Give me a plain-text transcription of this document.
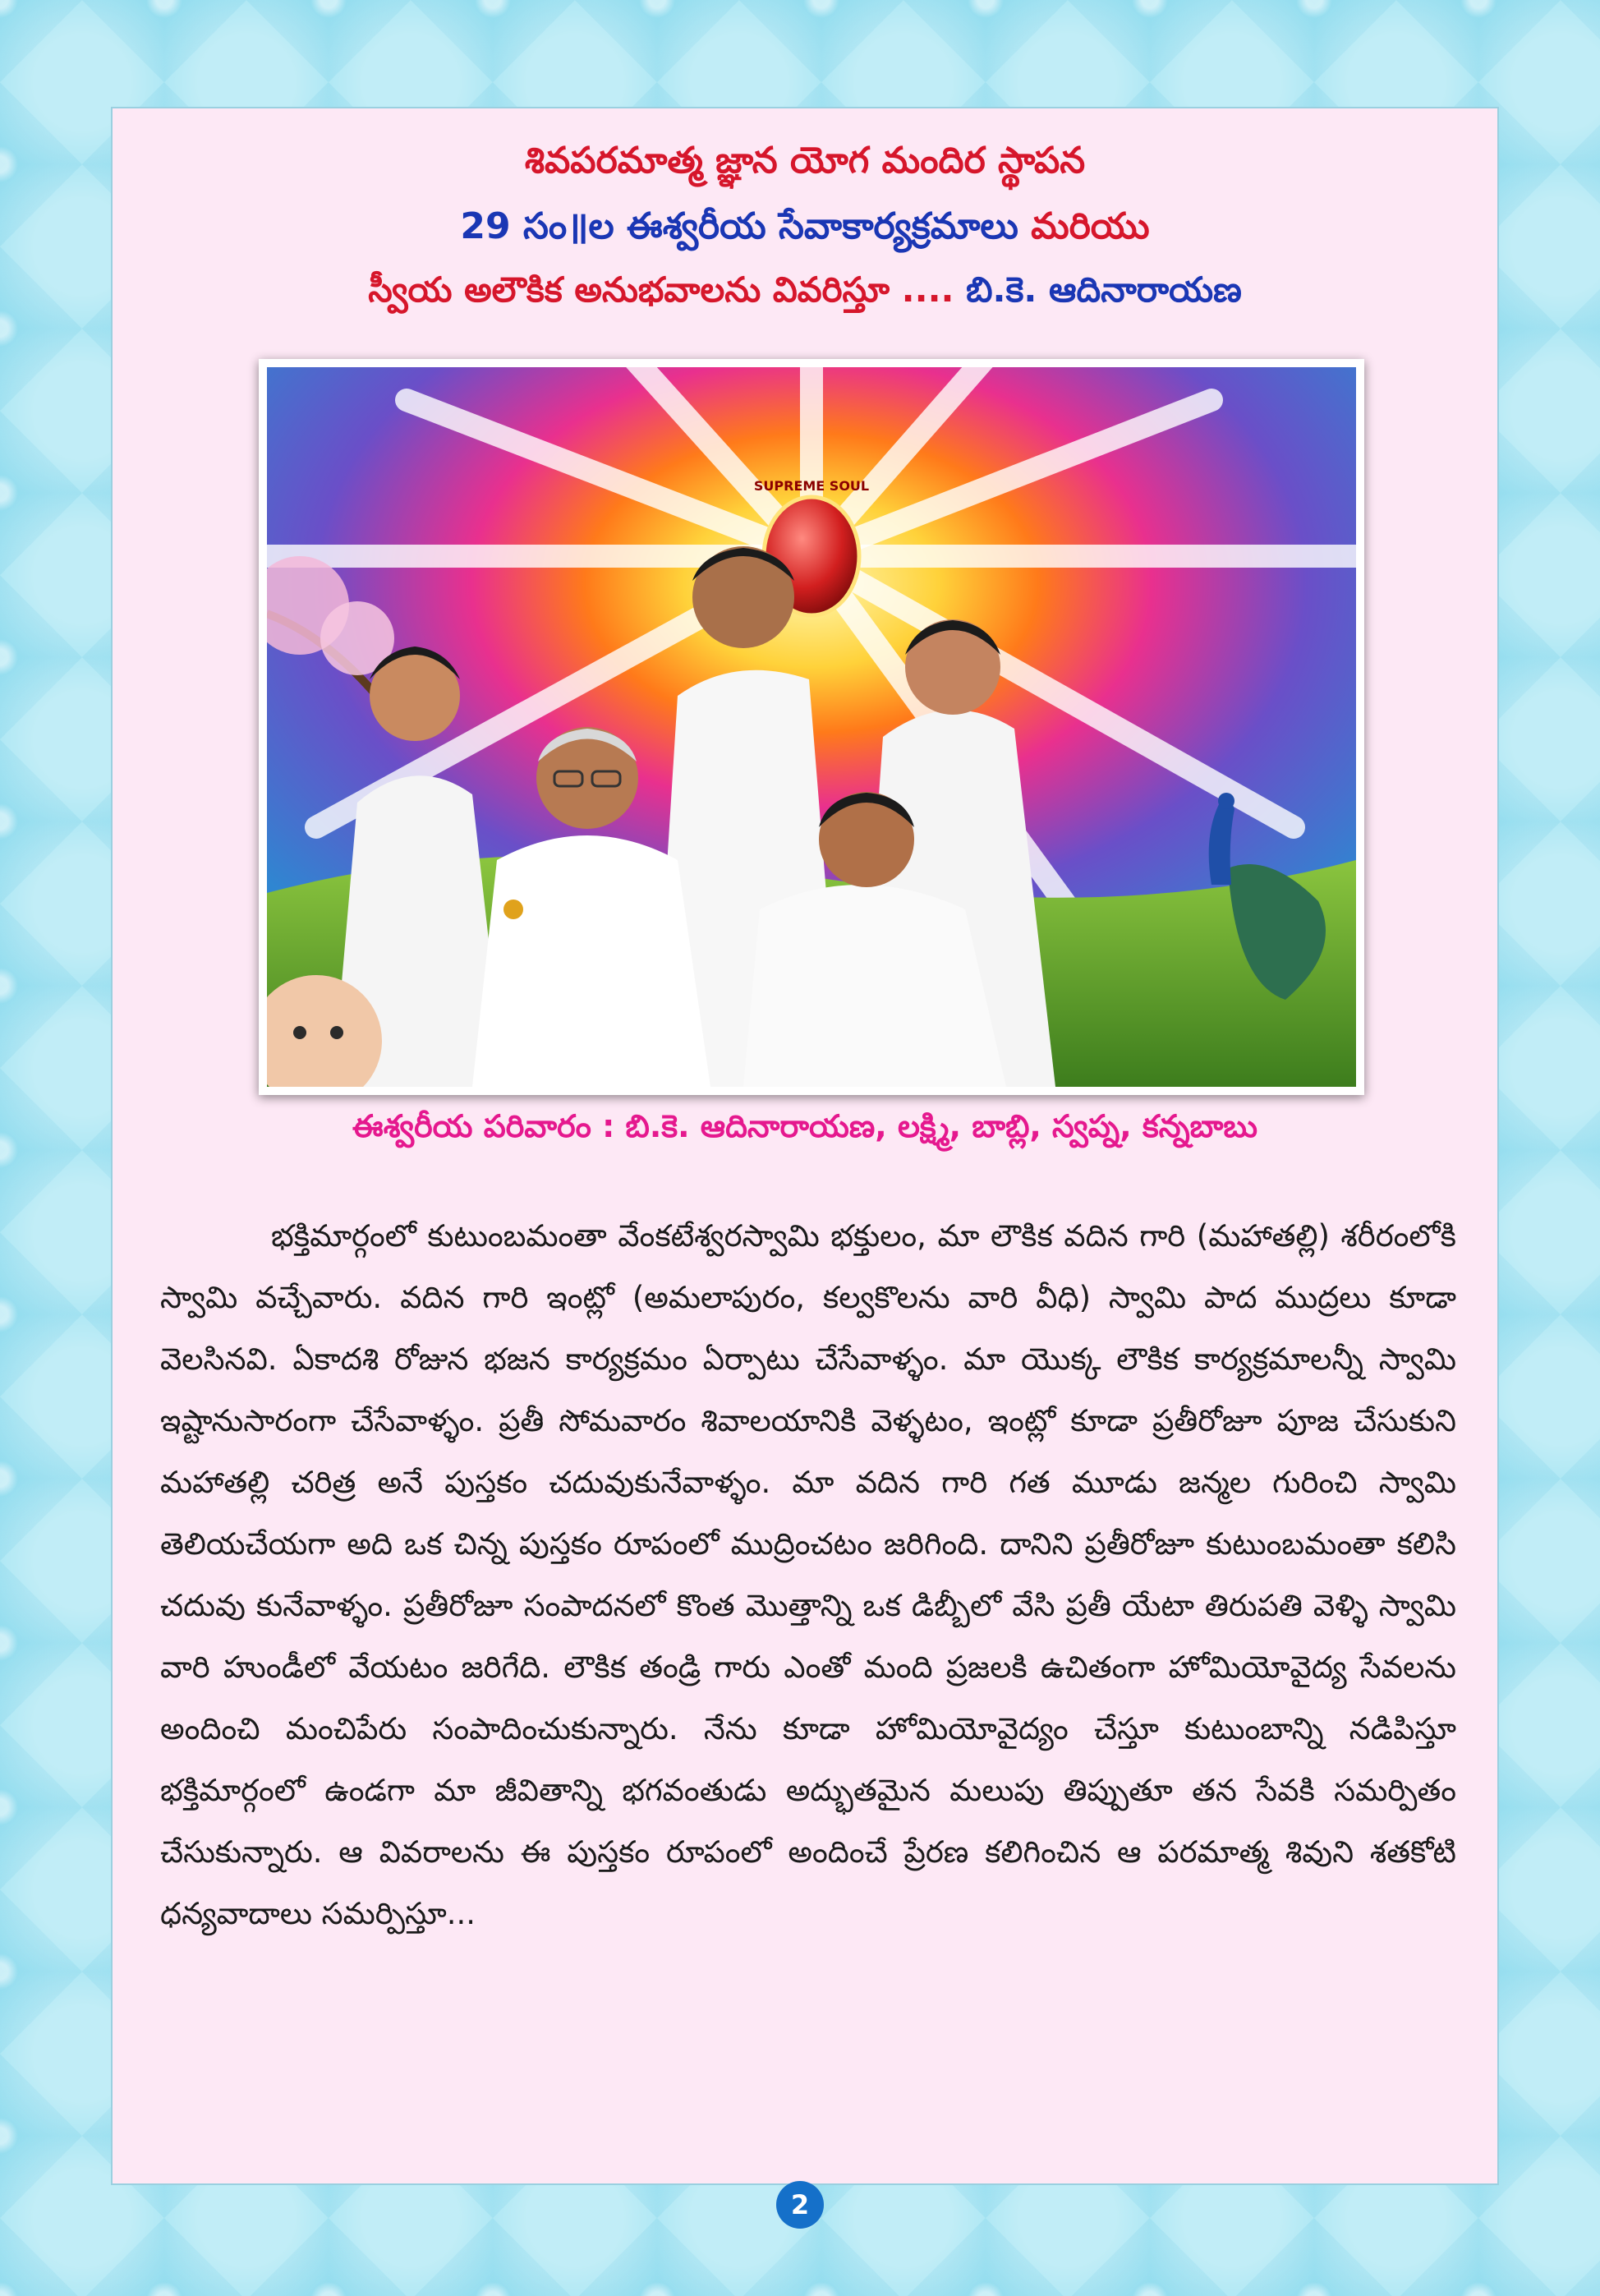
శివపరమాత్మ జ్ఞాన యోగ మందిర స్థాపన
29 సం॥ల ఈశ్వరీయ సేవాకార్యక్రమాలు మరియు
స్వీయ అలౌకిక అనుభవాలను వివరిస్తూ .... బి.కె. ఆదినారాయణ
SUPREME SOUL
ఈశ్వరీయ పరివారం : బి.కె. ఆదినారాయణ, లక్ష్మి, బాబ్లి, స్వప్న, కన్నబాబు
భక్తిమార్గంలో కుటుంబమంతా వేంకటేశ్వరస్వామి భక్తులం, మా లౌకిక వదిన గారి (మహాతల్లి) శరీరంలోకి స్వామి వచ్చేవారు. వదిన గారి ఇంట్లో (అమలాపురం, కల్వకొలను వారి వీధి) స్వామి పాద ముద్రలు కూడా వెలసినవి. ఏకాదశి రోజున భజన కార్యక్రమం ఏర్పాటు చేసేవాళ్ళం. మా యొక్క లౌకిక కార్యక్రమాలన్నీ స్వామి ఇష్టానుసారంగా చేసేవాళ్ళం. ప్రతీ సోమవారం శివాలయానికి వెళ్ళటం, ఇంట్లో కూడా ప్రతీరోజూ పూజ చేసుకుని మహాతల్లి చరిత్ర అనే పుస్తకం చదువుకునేవాళ్ళం. మా వదిన గారి గత మూడు జన్మల గురించి స్వామి తెలియచేయగా అది ఒక చిన్న పుస్తకం రూపంలో ముద్రించటం జరిగింది. దానిని ప్రతీరోజూ కుటుంబమంతా కలిసి చదువు కునేవాళ్ళం. ప్రతీరోజూ సంపాదనలో కొంత మొత్తాన్ని ఒక డిబ్బీలో వేసి ప్రతీ యేటా తిరుపతి వెళ్ళి స్వామి వారి హుండీలో వేయటం జరిగేది. లౌకిక తండ్రి గారు ఎంతో మంది ప్రజలకి ఉచితంగా హోమియోవైద్య సేవలను అందించి మంచిపేరు సంపాదించుకున్నారు. నేను కూడా హోమియోవైద్యం చేస్తూ కుటుంబాన్ని నడిపిస్తూ భక్తిమార్గంలో ఉండగా మా జీవితాన్ని భగవంతుడు అద్భుతమైన మలుపు తిప్పుతూ తన సేవకి సమర్పితం చేసుకున్నారు. ఆ వివరాలను ఈ పుస్తకం రూపంలో అందించే ప్రేరణ కలిగించిన ఆ పరమాత్మ శివుని శతకోటి ధన్యవాదాలు సమర్పిస్తూ...
2
